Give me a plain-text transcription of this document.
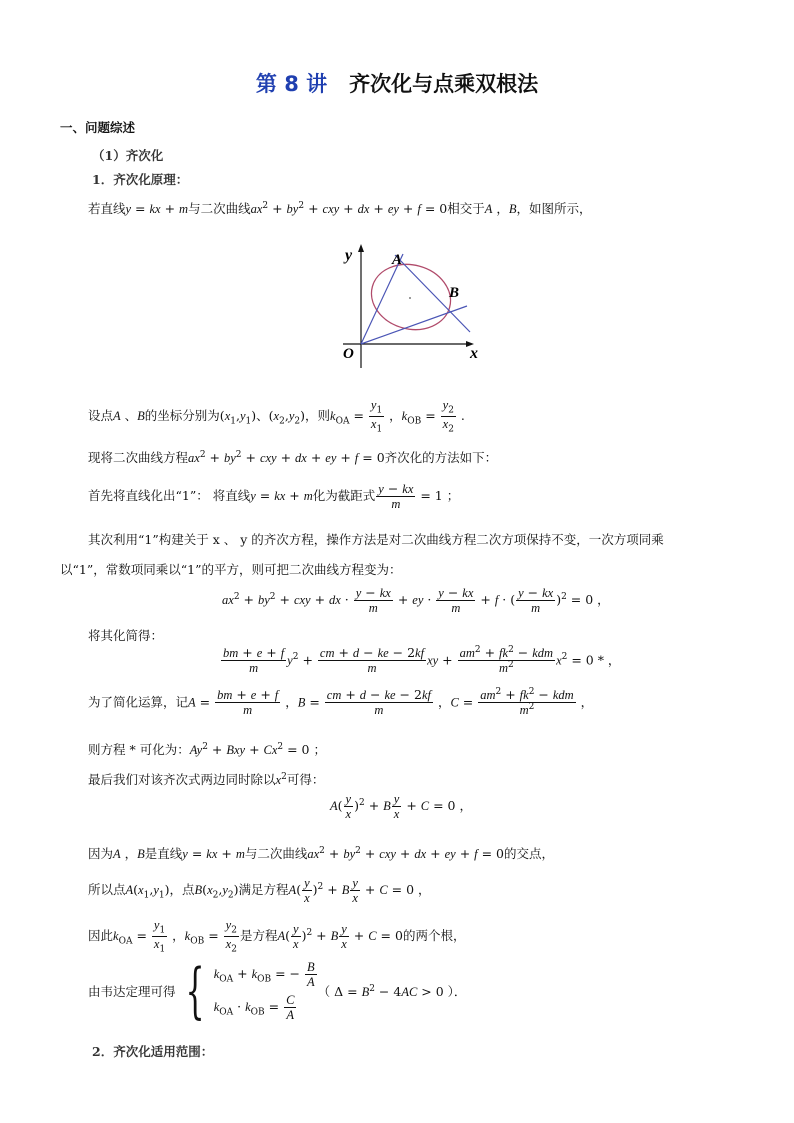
第 8 讲 齐次化与点乘双根法
一、问题综述
（1）齐次化
1．齐次化原理：
若直线y = kx + m与二次曲线$ax^2 + by^2$ + cxy + dx + ey + f = 0相交于A ，B，如图所示，
y
x
O
A
B
设点A 、B的坐标分别为$(x_1,y_1)$、$(x_2,y_2)$，则$k_{OA} = \frac{y_1}{x_1}$ ，$k_{OB} = \frac{y_2}{x_2}$ .
现将二次曲线方程$ax^2 + by^2$ + cxy + dx + ey + f = 0齐次化的方法如下：
首先将直线化出“1”： 将直线y = kx + m化为截距式 $\frac{y - kx}{m} = 1$ ；
其次利用“1”构建关于 x 、 y 的齐次方程，操作方法是对二次曲线方程二次方项保持不变，一次方项同乘
以“1”，常数项同乘以“1”的平方，则可把二次曲线方程变为：
$ax^2 + by^2$ + cxy + dx · $\frac{y - kx}{m}$ + ey · $\frac{y - kx}{m} + f$ · ( $\frac{y - kx}{m} )^2 = 0$ ，
将其化简得：
$\frac{bm + e + f}{m} y^2 + \frac{cm + d - ke - 2kf}{m}$ xy + $\frac{am^2 + fk^2 - kdm}{m^2} x^2 = 0$ * ，
为了简化运算，记$A = \frac{bm + e + f}{m}$ ，$B = \frac{cm + d - ke - 2kf}{m}$ ，$C = \frac{am^2 + fk^2 - kdm}{m^2}$ ，
则方程 * 可化为：$Ay^2$ + Bxy + $Cx^2 = 0$ ；
最后我们对该齐次式两边同时除以$x^2$可得：
$A( \frac{y}{x} )^2 + B \frac{y}{x} + C = 0$ ，
因为A ，B是直线y = kx + m与二次曲线$ax^2 + by^2$ + cxy + dx + ey + f = 0的交点，
所以点$A(x_1,y_1)$，点$B(x_2,y_2)$满足方程$A( \frac{y}{x} )^2 + B \frac{y}{x} + C = 0$ ，
因此$k_{OA} = \frac{y_1}{x_1}$ ，$k_{OB} = \frac{y_2}{x_2}$ 是方程$A( \frac{y}{x} )^2 + B \frac{y}{x} + C = 0$的两个根，
由韦达定理可得 { $k_{OA} + k_{OB}$ = − $\frac{B}{A}$
$k_{OA} \cdot k_{OB} = \frac{C}{A}$
（ $\Delta = B^2 - 4AC > 0$ ）．
2．齐次化适用范围：
